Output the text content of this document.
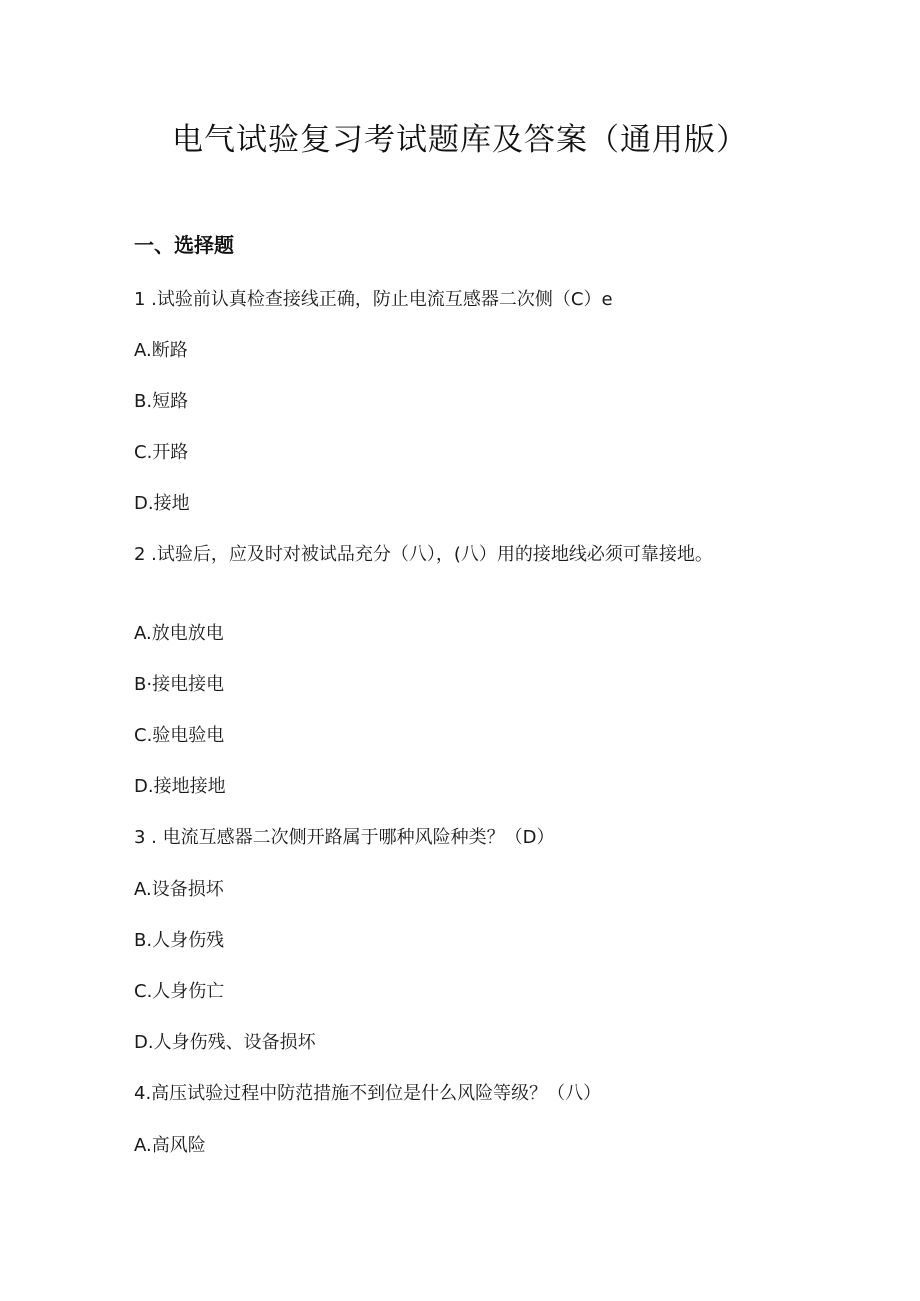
电气试验复习考试题库及答案（通用版）
一、选择题
1 .试验前认真检查接线正确，防止电流互感器二次侧（C）e
A.断路
B.短路
C.开路
D.接地
2 .试验后，应及时对被试品充分（八），(八）用的接地线必须可靠接地。
A.放电放电
B·接电接电
C.验电验电
D.接地接地
3 . 电流互感器二次侧开路属于哪种风险种类？（D）
A.设备损坏
B.人身伤残
C.人身伤亡
D.人身伤残、设备损坏
4.高压试验过程中防范措施不到位是什么风险等级？（八）
A.高风险
